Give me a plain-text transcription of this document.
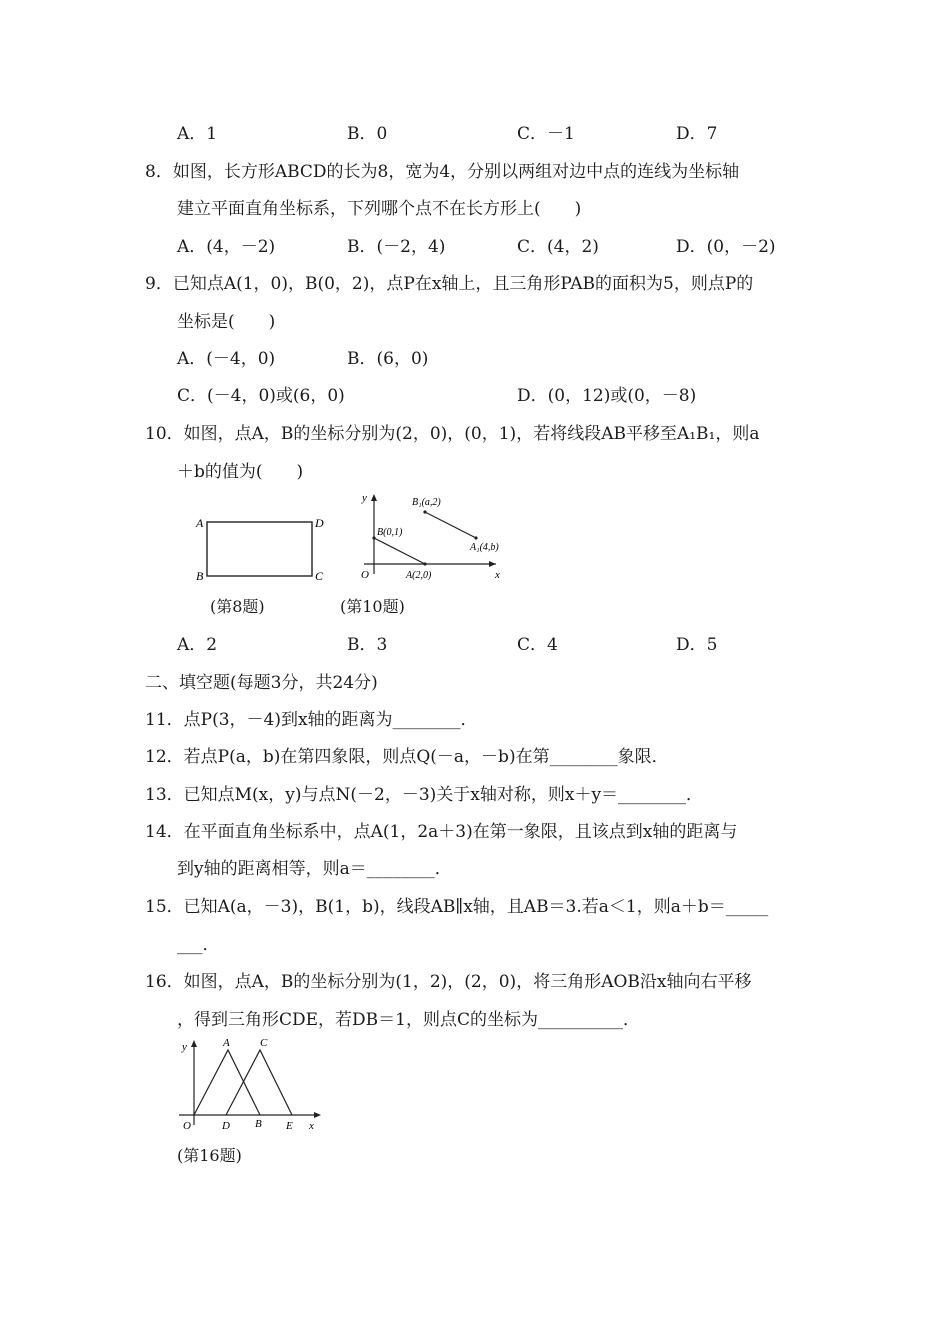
A．1	B．0	C．－1	D．7
8．如图，长方形ABCD的长为8，宽为4，分别以两组对边中点的连线为坐标轴
建立平面直角坐标系，下列哪个点不在长方形上(　　)
A．(4，－2)	B．(－2，4)	C．(4，2)	D．(0，－2)
9．已知点A(1，0)，B(0，2)，点P在x轴上，且三角形PAB的面积为5，则点P的
坐标是(　　)
A．(－4，0)	B．(6，0)
C．(－4，0)或(6，0)	D．(0，12)或(0，－8)
10．如图，点A，B的坐标分别为(2，0)，(0，1)，若将线段AB平移至A₁B₁，则a
＋b的值为(　　)
A	D
B	C
(第8题)
y
x
O
B(0,1)
A(2,0)
B₁(a,2)
A₁(4,b)
(第10题)
A．2	B．3	C．4	D．5
二、填空题(每题3分，共24分)
11．点P(3，－4)到x轴的距离为________．
12．若点P(a，b)在第四象限，则点Q(－a，－b)在第________象限．
13．已知点M(x，y)与点N(－2，－3)关于x轴对称，则x＋y＝________．
14．在平面直角坐标系中，点A(1，2a＋3)在第一象限，且该点到x轴的距离与
到y轴的距离相等，则a＝________．
15．已知A(a，－3)，B(1，b)，线段AB∥x轴，且AB＝3.若a＜1，则a＋b＝_____
___．
16．如图，点A，B的坐标分别为(1，2)，(2，0)，将三角形AOB沿x轴向右平移
，得到三角形CDE，若DB＝1，则点C的坐标为__________．
y	A	C
O	D B E x
(第16题)
